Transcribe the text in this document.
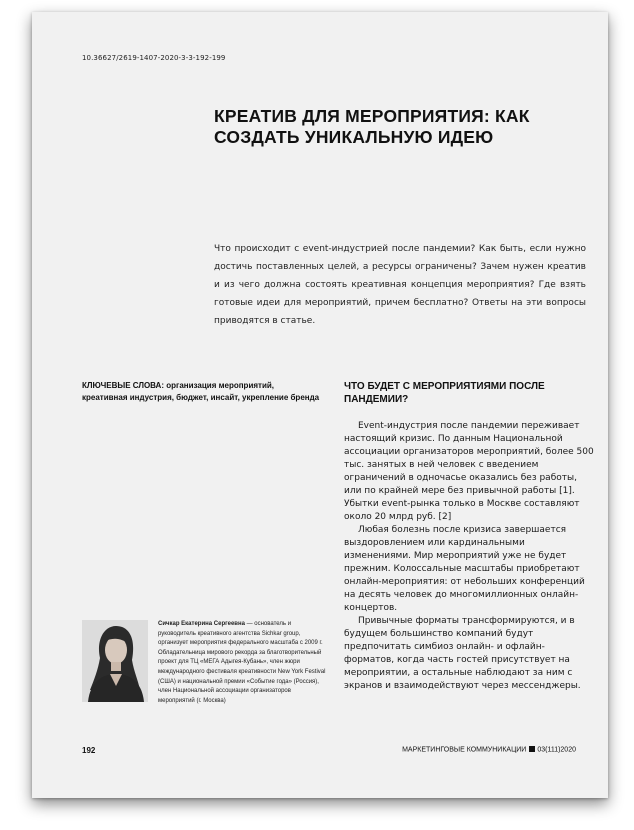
10.36627/2619-1407-2020-3-3-192-199
КРЕАТИВ ДЛЯ МЕРОПРИЯТИЯ: КАК СОЗДАТЬ УНИКАЛЬНУЮ ИДЕЮ
Что происходит с event-индустрией после пандемии? Как быть, если нужно достичь поставленных целей, а ресурсы ограничены? Зачем нужен креатив и из чего должна состоять креативная концепция мероприятия? Где взять готовые идеи для мероприятий, причем бесплатно? Ответы на эти вопросы приводятся в статье.
КЛЮЧЕВЫЕ СЛОВА: организация мероприятий, креативная индустрия, бюджет, инсайт, укрепление бренда
ЧТО БУДЕТ С МЕРОПРИЯТИЯМИ ПОСЛЕ ПАНДЕМИИ?

Event-индустрия после пандемии переживает настоящий кризис. По данным Национальной ассоциации организаторов мероприятий, более 500 тыс. занятых в ней человек с введением ограничений в одночасье оказались без работы, или по крайней мере без привычной работы [1]. Убытки event-рынка только в Москве составляют около 20 млрд руб. [2]

Любая болезнь после кризиса завершается выздоровлением или кардинальными изменениями. Мир мероприятий уже не будет прежним. Колоссальные масштабы приобретают онлайн-мероприятия: от небольших конференций на десять человек до многомиллионных онлайн-концертов.

Привычные форматы трансформируются, и в будущем большинство компаний будут предпочитать симбиоз онлайн- и офлайн-форматов, когда часть гостей присутствует на мероприятии, а остальные наблюдают за ним с экранов и взаимодействуют через мессенджеры.

Сичкар Екатерина Сергеевна — основатель и руководитель креативного агентства Sichkar group, организует мероприятия федерального масштаба с 2009 г. Обладательница мирового рекорда за благотворительный проект для ТЦ «МЕГА Адыгея-Кубань», член жюри международного фестиваля креативности New York Festival (США) и национальной премии «Событие года» (Россия), член Национальной ассоциации организаторов мероприятий (г. Москва)
192	МАРКЕТИНГОВЫЕ КОММУНИКАЦИИ 03(111)2020
